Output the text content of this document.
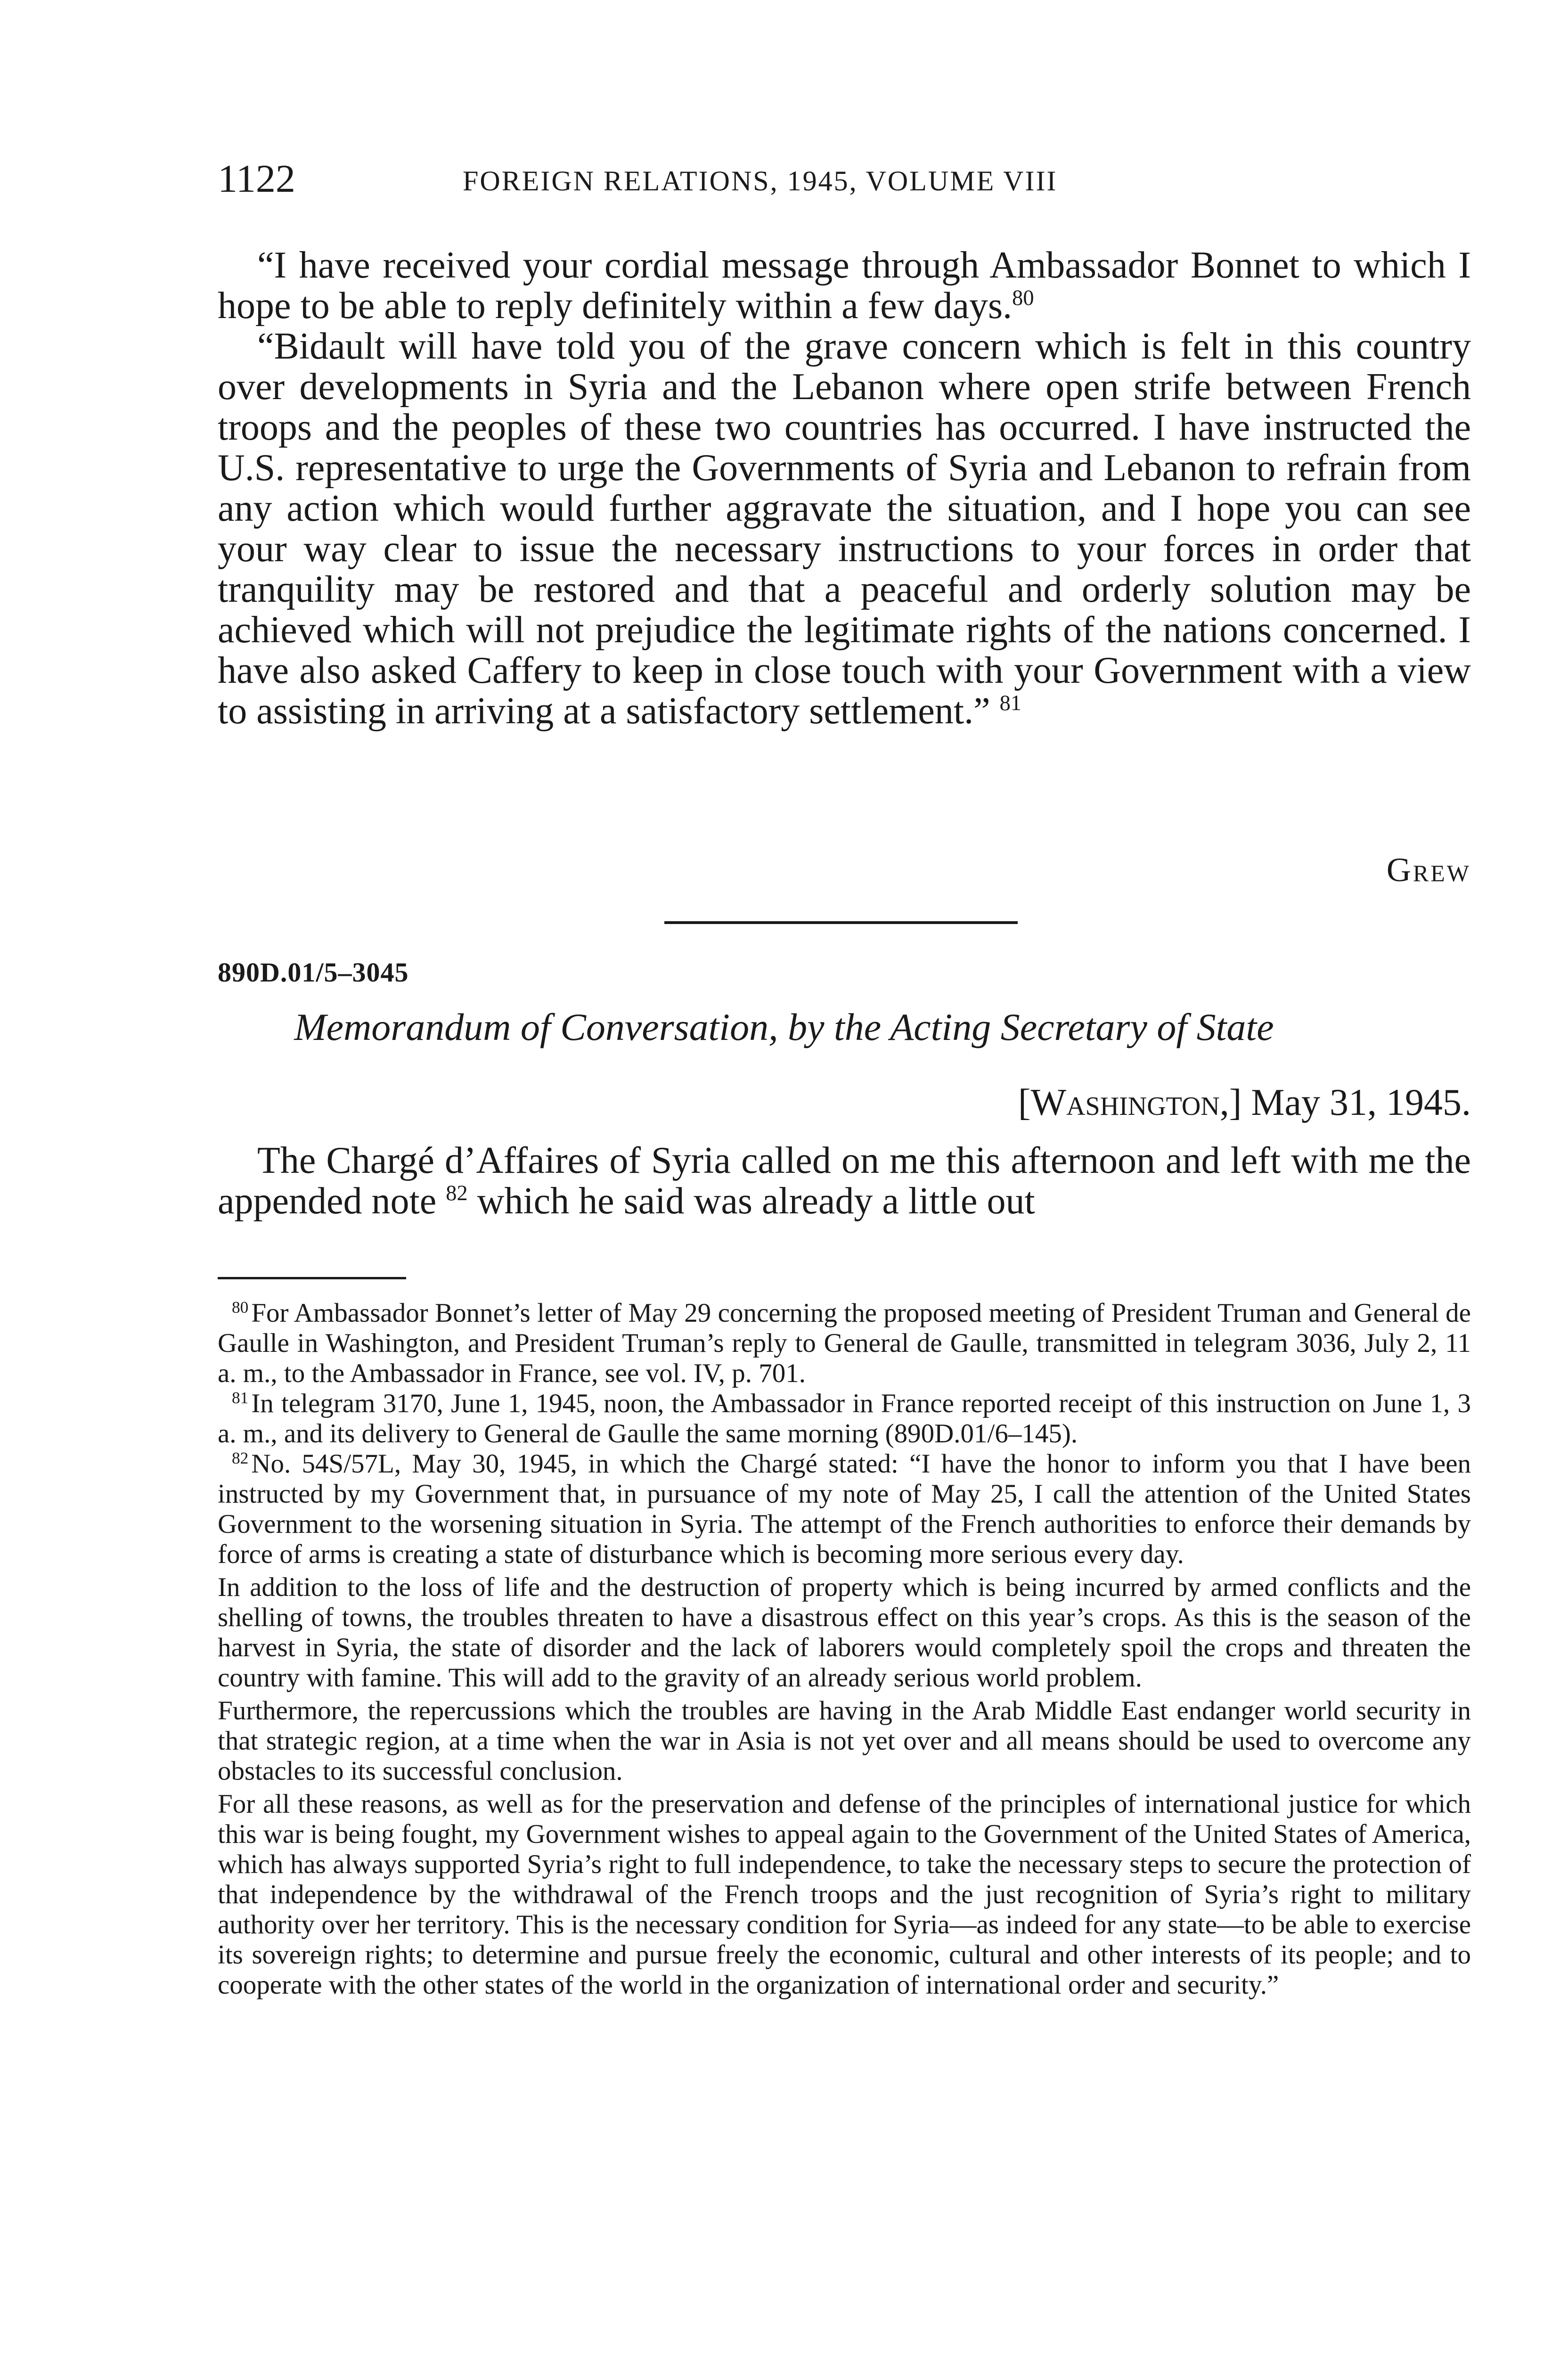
1122	FOREIGN RELATIONS, 1945, VOLUME VIII

“I have received your cordial message through Ambassador Bonnet to which I hope to be able to reply definitely within a few days.$^{80}$

“Bidault will have told you of the grave concern which is felt in this country over developments in Syria and the Lebanon where open strife between French troops and the peoples of these two countries has occurred. I have instructed the U.S. representative to urge the Governments of Syria and Lebanon to refrain from any action which would further aggravate the situation, and I hope you can see your way clear to issue the necessary instructions to your forces in order that tranquility may be restored and that a peaceful and orderly solution may be achieved which will not prejudice the legitimate rights of the nations concerned. I have also asked Caffery to keep in close touch with your Government with a view to assisting in arriving at a satisfactory settlement.” $^{81}$

Grew
890D.01/5–3045
Memorandum of Conversation, by the Acting Secretary of State
[Washington,] May 31, 1945.

The Chargé d’Affaires of Syria called on me this afternoon and left with me the appended note $^{82}$ which he said was already a little out

$^{80}$ For Ambassador Bonnet’s letter of May 29 concerning the proposed meeting of President Truman and General de Gaulle in Washington, and President Truman’s reply to General de Gaulle, transmitted in telegram 3036, July 2, 11 a. m., to the Ambassador in France, see vol. IV, p. 701.

$^{81}$ In telegram 3170, June 1, 1945, noon, the Ambassador in France reported receipt of this instruction on June 1, 3 a. m., and its delivery to General de Gaulle the same morning (890D.01/6–145).

$^{82}$ No. 54S/57L, May 30, 1945, in which the Chargé stated: “I have the honor to inform you that I have been instructed by my Government that, in pursuance of my note of May 25, I call the attention of the United States Government to the worsening situation in Syria. The attempt of the French authorities to enforce their demands by force of arms is creating a state of disturbance which is becoming more serious every day.

In addition to the loss of life and the destruction of property which is being incurred by armed conflicts and the shelling of towns, the troubles threaten to have a disastrous effect on this year’s crops. As this is the season of the harvest in Syria, the state of disorder and the lack of laborers would completely spoil the crops and threaten the country with famine. This will add to the gravity of an already serious world problem.

Furthermore, the repercussions which the troubles are having in the Arab Middle East endanger world security in that strategic region, at a time when the war in Asia is not yet over and all means should be used to overcome any obstacles to its successful conclusion.

For all these reasons, as well as for the preservation and defense of the principles of international justice for which this war is being fought, my Government wishes to appeal again to the Government of the United States of America, which has always supported Syria’s right to full independence, to take the necessary steps to secure the protection of that independence by the withdrawal of the French troops and the just recognition of Syria’s right to military authority over her territory. This is the necessary condition for Syria—as indeed for any state—to be able to exercise its sovereign rights; to determine and pursue freely the economic, cultural and other interests of its people; and to cooperate with the other states of the world in the organization of international order and security.”
